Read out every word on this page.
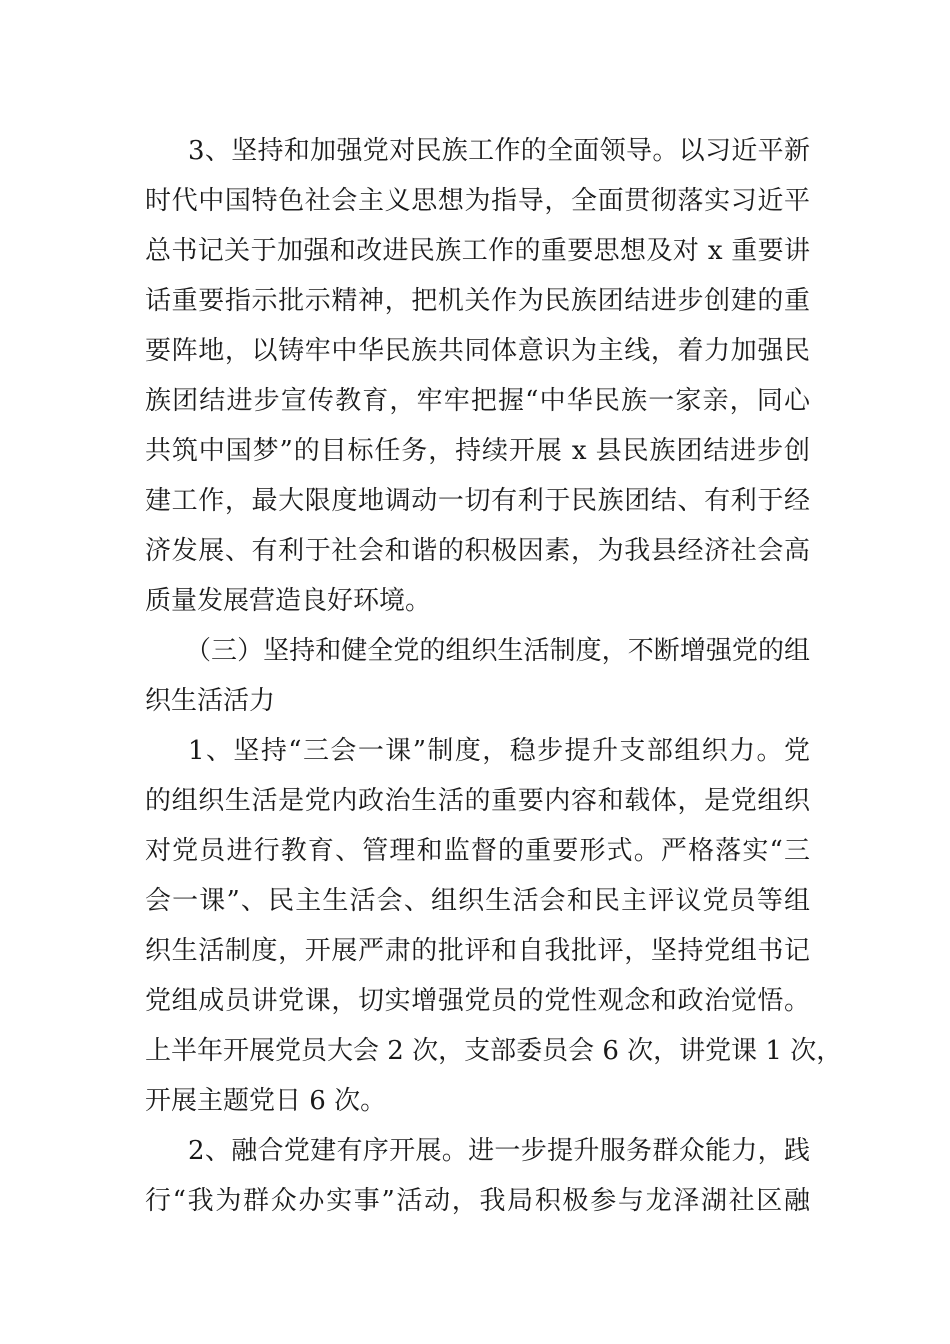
3、坚持和加强党对民族工作的全面领导。以习近平新
时代中国特色社会主义思想为指导，全面贯彻落实习近平
总书记关于加强和改进民族工作的重要思想及对 x 重要讲
话重要指示批示精神，把机关作为民族团结进步创建的重
要阵地，以铸牢中华民族共同体意识为主线，着力加强民
族团结进步宣传教育，牢牢把握“中华民族一家亲，同心
共筑中国梦”的目标任务，持续开展 x 县民族团结进步创
建工作，最大限度地调动一切有利于民族团结、有利于经
济发展、有利于社会和谐的积极因素，为我县经济社会高
质量发展营造良好环境。
（三）坚持和健全党的组织生活制度，不断增强党的组
织生活活力
1、坚持“三会一课”制度，稳步提升支部组织力。党
的组织生活是党内政治生活的重要内容和载体，是党组织
对党员进行教育、管理和监督的重要形式。严格落实“三
会一课”、民主生活会、组织生活会和民主评议党员等组
织生活制度，开展严肃的批评和自我批评，坚持党组书记
党组成员讲党课，切实增强党员的党性观念和政治觉悟。
上半年开展党员大会 2 次，支部委员会 6 次，讲党课 1 次，
开展主题党日 6 次。
2、融合党建有序开展。进一步提升服务群众能力，践
行“我为群众办实事”活动，我局积极参与龙泽湖社区融
